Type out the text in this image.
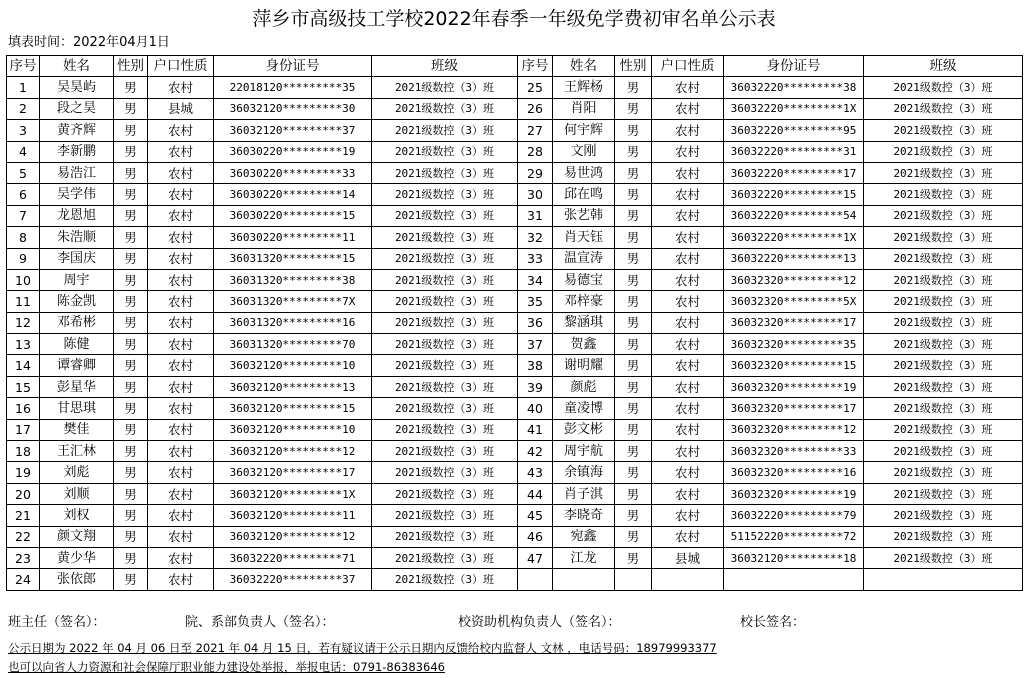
萍乡市高级技工学校2022年春季一年级免学费初审名单公示表
填表时间：2022年04月1日
序号	姓名	性别	户口性质	身份证号	班级	序号	姓名	性别	户口性质	身份证号	班级
1	吴昊屿	男	农村	22018120*********35	2021级数控（3）班	25	王辉杨	男	农村	36032220*********38	2021级数控（3）班
2	段之昊	男	县城	36032120*********30	2021级数控（3）班	26	肖阳	男	农村	36032220*********1X	2021级数控（3）班
3	黄齐辉	男	农村	36032120*********37	2021级数控（3）班	27	何宇辉	男	农村	36032220*********95	2021级数控（3）班
4	李新鹏	男	农村	36030220*********19	2021级数控（3）班	28	文刚	男	农村	36032220*********31	2021级数控（3）班
5	易浩江	男	农村	36030220*********33	2021级数控（3）班	29	易世鸿	男	农村	36032220*********17	2021级数控（3）班
6	吴学伟	男	农村	36030220*********14	2021级数控（3）班	30	邱在鸣	男	农村	36032220*********15	2021级数控（3）班
7	龙恩旭	男	农村	36030220*********15	2021级数控（3）班	31	张艺韩	男	农村	36032220*********54	2021级数控（3）班
8	朱浩顺	男	农村	36030220*********11	2021级数控（3）班	32	肖天钰	男	农村	36032220*********1X	2021级数控（3）班
9	李国庆	男	农村	36031320*********15	2021级数控（3）班	33	温宣涛	男	农村	36032220*********13	2021级数控（3）班
10	周宇	男	农村	36031320*********38	2021级数控（3）班	34	易德宝	男	农村	36032320*********12	2021级数控（3）班
11	陈金凯	男	农村	36031320*********7X	2021级数控（3）班	35	邓梓豪	男	农村	36032320*********5X	2021级数控（3）班
12	邓希彬	男	农村	36031320*********16	2021级数控（3）班	36	黎涵琪	男	农村	36032320*********17	2021级数控（3）班
13	陈健	男	农村	36031320*********70	2021级数控（3）班	37	贺鑫	男	农村	36032320*********35	2021级数控（3）班
14	谭睿卿	男	农村	36032120*********10	2021级数控（3）班	38	谢明耀	男	农村	36032320*********15	2021级数控（3）班
15	彭星华	男	农村	36032120*********13	2021级数控（3）班	39	颜彪	男	农村	36032320*********19	2021级数控（3）班
16	甘思琪	男	农村	36032120*********15	2021级数控（3）班	40	童凌博	男	农村	36032320*********17	2021级数控（3）班
17	樊佳	男	农村	36032120*********10	2021级数控（3）班	41	彭文彬	男	农村	36032320*********12	2021级数控（3）班
18	王汇林	男	农村	36032120*********12	2021级数控（3）班	42	周宇航	男	农村	36032320*********33	2021级数控（3）班
19	刘彪	男	农村	36032120*********17	2021级数控（3）班	43	余镇海	男	农村	36032320*********16	2021级数控（3）班
20	刘顺	男	农村	36032120*********1X	2021级数控（3）班	44	肖子淇	男	农村	36032320*********19	2021级数控（3）班
21	刘权	男	农村	36032120*********11	2021级数控（3）班	45	李晓奇	男	农村	36032220*********79	2021级数控（3）班
22	颜文翔	男	农村	36032120*********12	2021级数控（3）班	46	宛鑫	男	农村	51152220*********72	2021级数控（3）班
23	黄少华	男	农村	36032220*********71	2021级数控（3）班	47	江龙	男	县城	36032120*********18	2021级数控（3）班
24	张依郎	男	农村	36032220*********37	2021级数控（3）班						
班主任（签名）：	院、系部负责人（签名）：	校资助机构负责人（签名）：	校长签名：
公示日期为 2022 年 04 月 06 日至 2021 年 04 月 15 日，若有疑议请于公示日期内反馈给校内监督人 文林 ，电话号码：18979993377
也可以向省人力资源和社会保障厅职业能力建设处举报，举报电话：0791-86383646
